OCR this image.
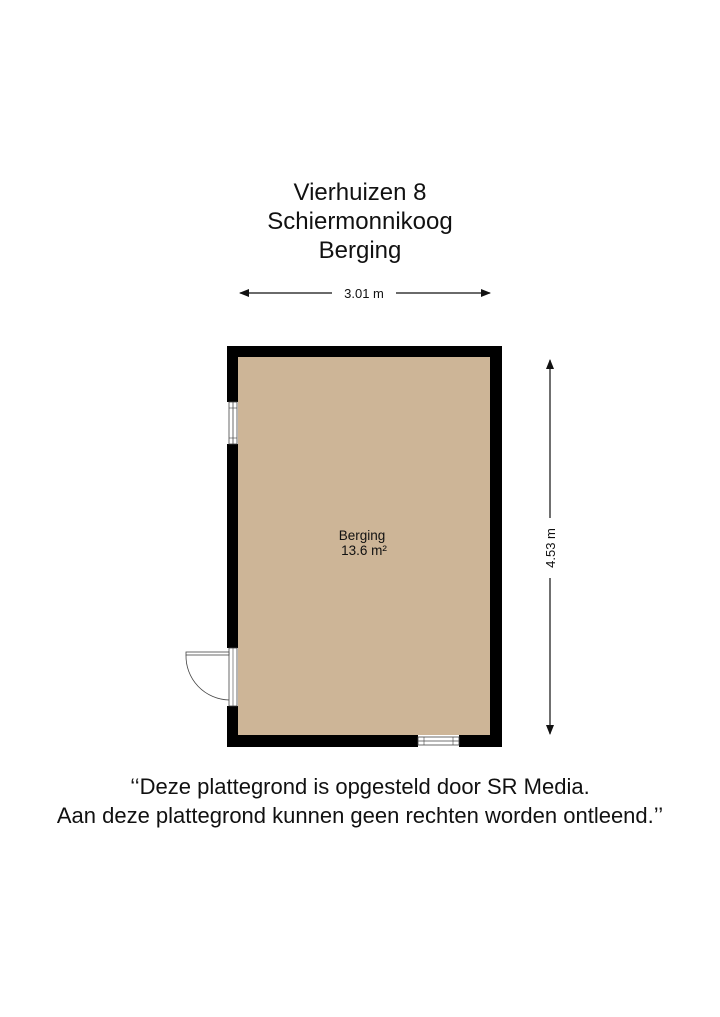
Vierhuizen 8
Schiermonnikoog
Berging
3.01 m
4.53 m
Berging
13.6 m²
‘‘Deze plattegrond is opgesteld door SR Media.
Aan deze plattegrond kunnen geen rechten worden ontleend.’’
